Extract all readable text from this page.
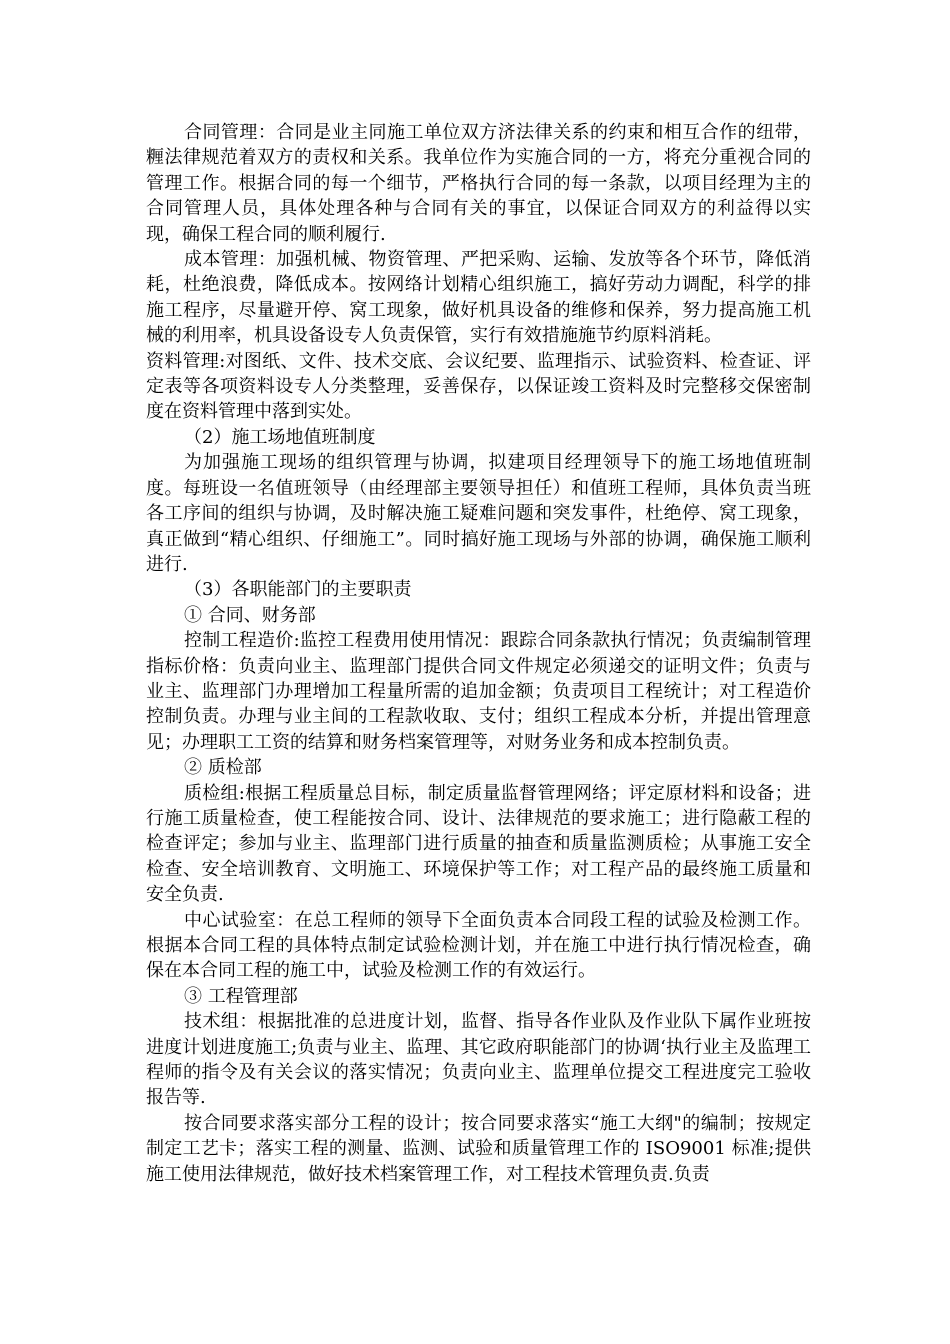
合同管理：合同是业主同施工单位双方济法律关系的约束和相互合作的纽带，糎法律规范着双方的责权和关系。我单位作为实施合同的一方，将充分重视合同的管理工作。根据合同的每一个细节，严格执行合同的每一条款，以项目经理为主的合同管理人员，具体处理各种与合同有关的事宜，以保证合同双方的利益得以实现，确保工程合同的顺利履行.

成本管理：加强机械、物资管理、严把采购、运输、发放等各个环节，降低消耗，杜绝浪费，降低成本。按网络计划精心组织施工，搞好劳动力调配，科学的排施工程序，尽量避开停、窝工现象，做好机具设备的维修和保养，努力提高施工机械的利用率，机具设备设专人负责保管，实行有效措施施节约原料消耗。

资料管理:对图纸、文件、技术交底、会议纪要、监理指示、试验资料、检查证、评定表等各项资料设专人分类整理，妥善保存，以保证竣工资料及时完整移交保密制度在资料管理中落到实处。

（2）施工场地值班制度

为加强施工现场的组织管理与协调，拟建项目经理领导下的施工场地值班制度。每班设一名值班领导（由经理部主要领导担任）和值班工程师，具体负责当班各工序间的组织与协调，及时解决施工疑难问题和突发事件，杜绝停、窝工现象，真正做到“精心组织、仔细施工”。同时搞好施工现场与外部的协调，确保施工顺利进行.

（3）各职能部门的主要职责

① 合同、财务部

控制工程造价:监控工程费用使用情况：跟踪合同条款执行情况；负责编制管理指标价格：负责向业主、监理部门提供合同文件规定必须递交的证明文件；负责与业主、监理部门办理增加工程量所需的追加金额；负责项目工程统计；对工程造价控制负责。办理与业主间的工程款收取、支付；组织工程成本分析，并提出管理意见；办理职工工资的结算和财务档案管理等，对财务业务和成本控制负责。

② 质检部

质检组:根据工程质量总目标，制定质量监督管理网络；评定原材料和设备；进行施工质量检查，使工程能按合同、设计、法律规范的要求施工；进行隐蔽工程的检查评定；参加与业主、监理部门进行质量的抽查和质量监测质检；从事施工安全检查、安全培训教育、文明施工、环境保护等工作；对工程产品的最终施工质量和安全负责.

中心试验室：在总工程师的领导下全面负责本合同段工程的试验及检测工作。根据本合同工程的具体特点制定试验检测计划，并在施工中进行执行情况检查，确保在本合同工程的施工中，试验及检测工作的有效运行。

③ 工程管理部

技术组：根据批准的总进度计划，监督、指导各作业队及作业队下属作业班按进度计划进度施工;负责与业主、监理、其它政府职能部门的协调‘执行业主及监理工程师的指令及有关会议的落实情况；负责向业主、监理单位提交工程进度完工验收报告等.

按合同要求落实部分工程的设计；按合同要求落实“施工大纲"的编制；按规定制定工艺卡；落实工程的测量、监测、试验和质量管理工作的 ISO9001 标准;提供施工使用法律规范，做好技术档案管理工作，对工程技术管理负责.负责
